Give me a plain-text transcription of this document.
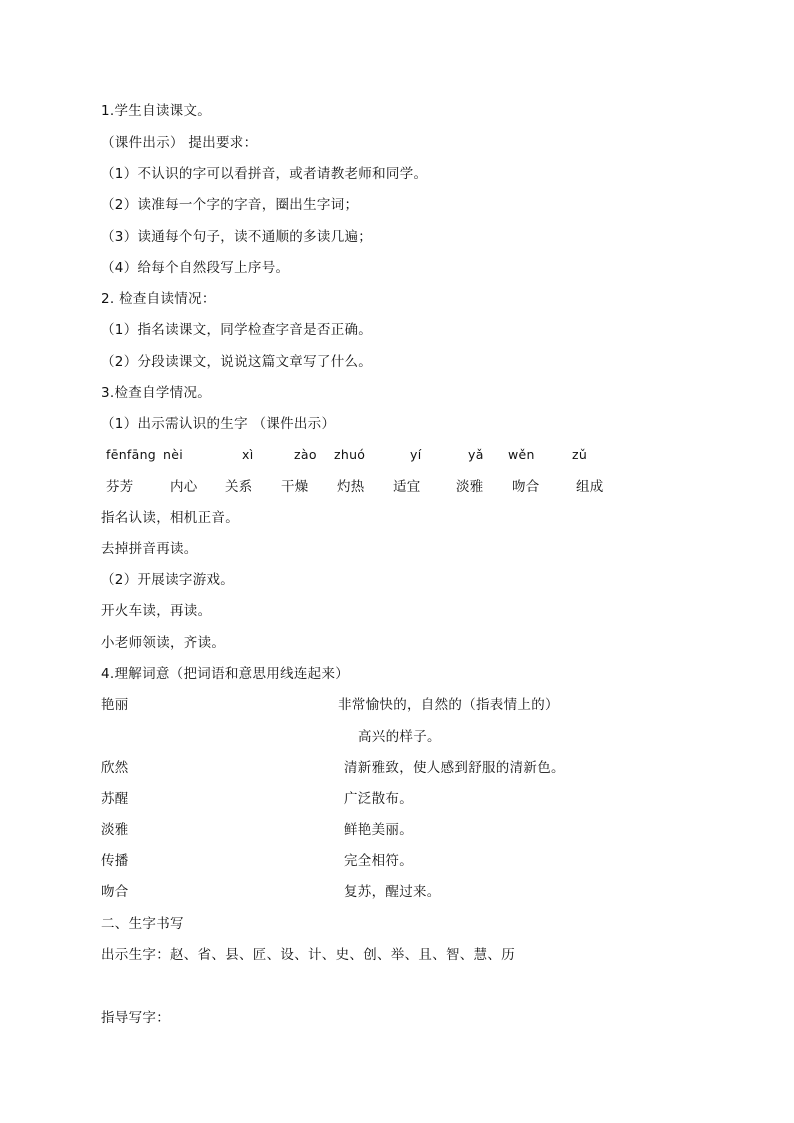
1.学生自读课文。
（课件出示） 提出要求：
（1）不认识的字可以看拼音，或者请教老师和同学。
（2）读准每一个字的字音，圈出生字词；
（3）读通每个句子，读不通顺的多读几遍；
（4）给每个自然段写上序号。
2. 检查自读情况：
（1）指名读课文，同学检查字音是否正确。
（2）分段读课文，说说这篇文章写了什么。
3.检查自学情况。
（1）出示需认识的生字 （课件出示）
fēnfāng nèi	xì	zào zhuó	yí	yǎ wěn	zǔ
芬芳	内心 关系 干燥 灼热 适宜	淡雅 吻合	组成
指名认读，相机正音。
去掉拼音再读。
（2）开展读字游戏。
开火车读，再读。
小老师领读，齐读。
4.理解词意（把词语和意思用线连起来）
艳丽	非常愉快的，自然的（指表情上的）
高兴的样子。
欣然	清新雅致，使人感到舒服的清新色。
苏醒	广泛散布。
淡雅	鲜艳美丽。
传播	完全相符。
吻合	复苏，醒过来。
二、生字书写
出示生字：赵、省、县、匠、设、计、史、创、举、且、智、慧、历
指导写字：
